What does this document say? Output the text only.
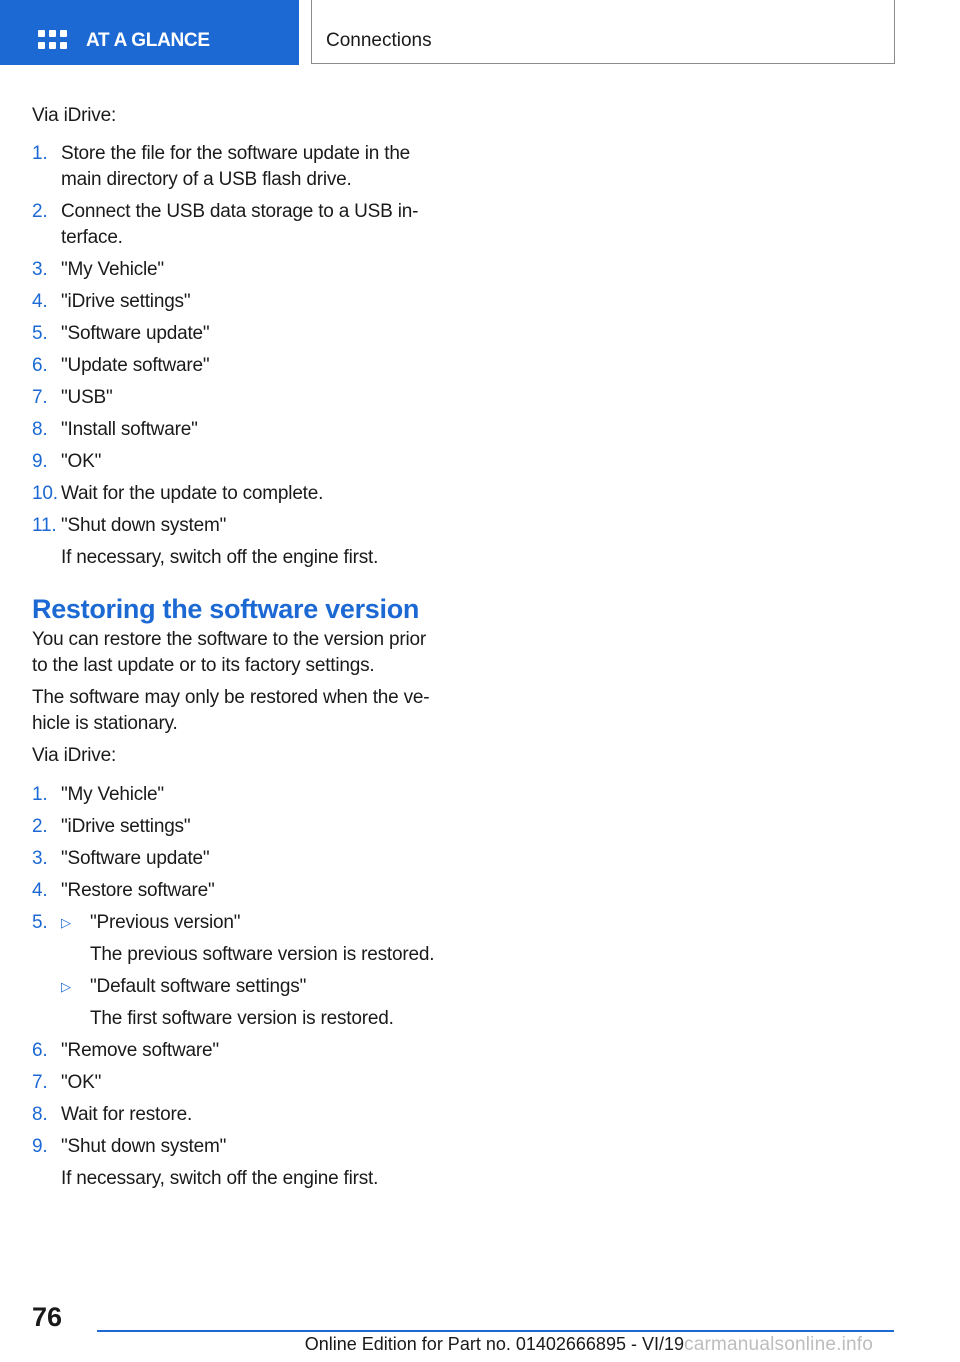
AT A GLANCE	Connections

Via iDrive:

1. Store the file for the software update in the
main directory of a USB flash drive.
2. Connect the USB data storage to a USB in‐
terface.
3. "My Vehicle"
4. "iDrive settings"
5. "Software update"
6. "Update software"
7. "USB"
8. "Install software"
9. "OK"
10. Wait for the update to complete.
11. "Shut down system"
If necessary, switch off the engine first.
Restoring the software version

You can restore the software to the version prior

to the last update or to its factory settings.

The software may only be restored when the ve‐

hicle is stationary.

Via iDrive:

1. "My Vehicle"
2. "iDrive settings"
3. "Software update"
4. "Restore software"
5. ▷ "Previous version"
The previous software version is restored.
▷ "Default software settings"
The first software version is restored.
6. "Remove software"
7. "OK"
8. Wait for restore.
9. "Shut down system"
If necessary, switch off the engine first.
76
Online Edition for Part no. 01402666895 - VI/19 carmanualsonline.info
